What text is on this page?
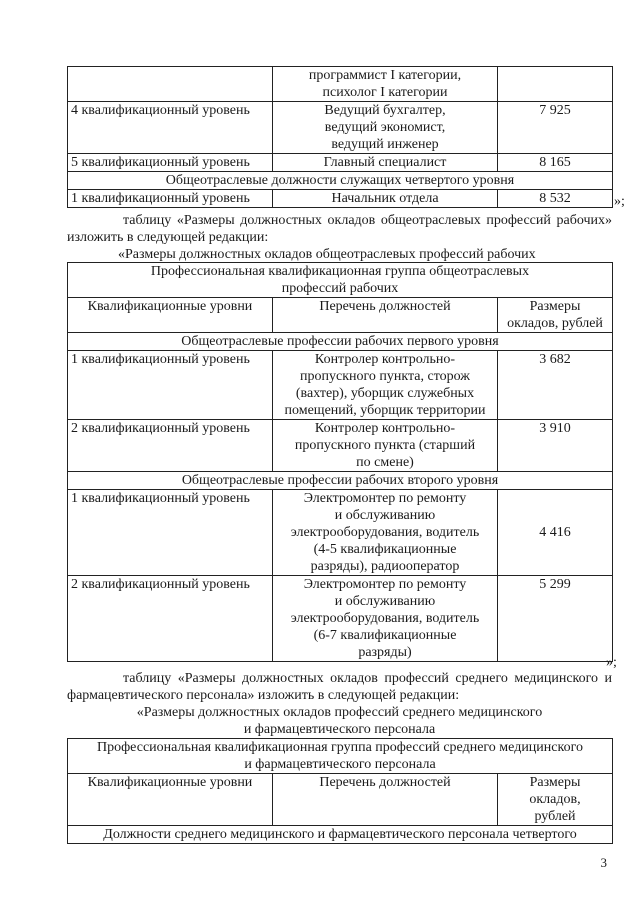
	программист I категории,
психолог I категории	

4 квалификационный уровень	Ведущий бухгалтер,
ведущий экономист,
ведущий инженер	7 925
5 квалификационный уровень	Главный специалист	8 165
Общеотраслевые должности служащих четвертого уровня		
1 квалификационный уровень	Начальник отдела	8 532	»;
таблицу «Размеры должностных окладов общеотраслевых профессий рабочих» изложить в следующей редакции:
«Размеры должностных окладов общеотраслевых профессий рабочих
Профессиональная квалификационная группа общеотраслевых
профессий рабочих		

Квалификационные уровни	Перечень должностей	Размеры
окладов, рублей

Общеотраслевые профессии рабочих первого уровня		
1 квалификационный уровень	Контролер контрольно-
пропускного пункта, сторож
(вахтер), уборщик служебных
помещений, уборщик территории	3 682
2 квалификационный уровень	Контролер контрольно-
пропускного пункта (старший
по смене)	3 910
Общеотраслевые профессии рабочих второго уровня		
1 квалификационный уровень	Электромонтер по ремонту
и обслуживанию
электрооборудования, водитель
(4-5 квалификационные
разряды), радиооператор	4 416
2 квалификационный уровень	Электромонтер по ремонту
и обслуживанию
электрооборудования, водитель
(6-7 квалификационные
разряды)	5 299
»;
таблицу «Размеры должностных окладов профессий среднего медицинского и фармацевтического персонала» изложить в следующей редакции:
«Размеры должностных окладов профессий среднего медицинского
и фармацевтического персонала
Профессиональная квалификационная группа профессий среднего медицинского
и фармацевтического персонала

Квалификационные уровни	Перечень должностей	Размеры
окладов,
рублей

Должности среднего медицинского и фармацевтического персонала четвертого
3
